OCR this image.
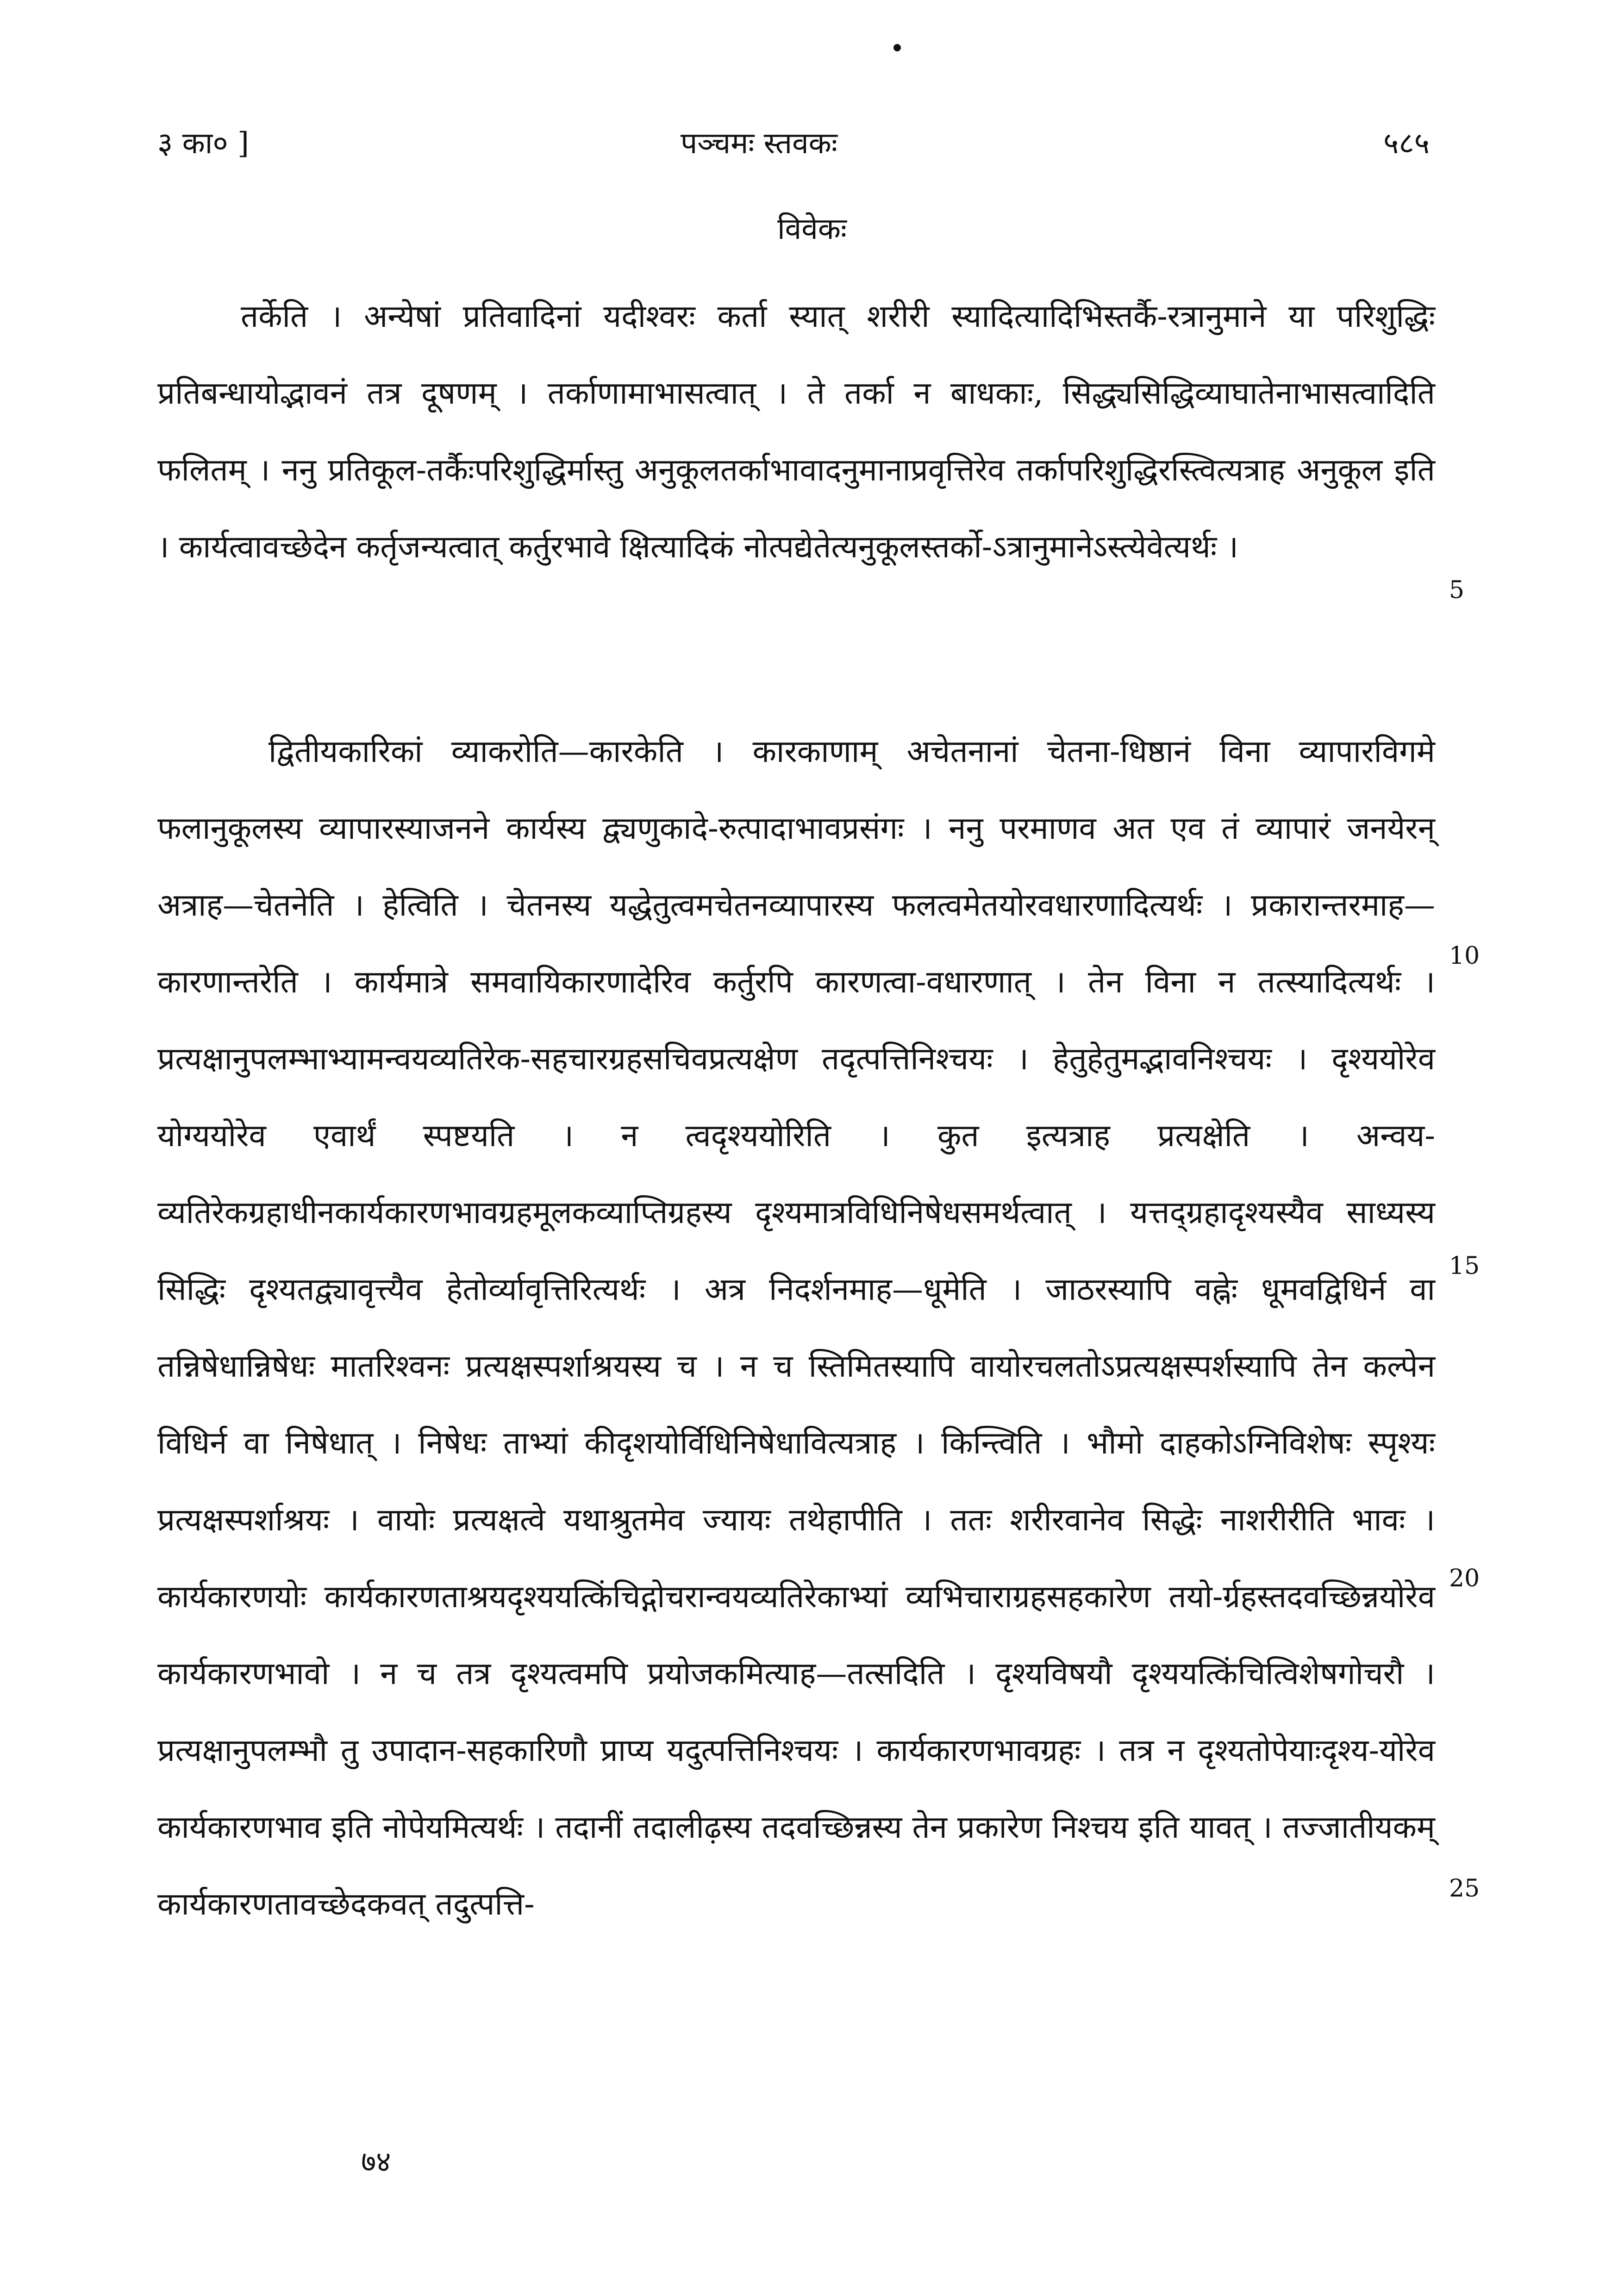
३ का० ]	पञ्चमः स्तवकः	५८५
विवेकः

तर्केति । अन्येषां प्रतिवादिनां यदीश्वरः कर्ता स्यात् शरीरी स्यादित्यादिभिस्तर्कै-रत्रानुमाने या परिशुद्धिः प्रतिबन्धायोद्भावनं तत्र दूषणम् । तर्काणामाभासत्वात् । ते तर्का न बाधकाः, सिद्ध्यसिद्धिव्याघातेनाभासत्वादिति फलितम् । ननु प्रतिकूल-तर्कैःपरिशुद्धिर्मास्तु अनुकूलतर्काभावादनुमानाप्रवृत्तिरेव तर्कापरिशुद्धिरस्त्वित्यत्राह अनुकूल इति । कार्यत्वावच्छेदेन कर्तृजन्यत्वात् कर्तुरभावे क्षित्यादिकं नोत्पद्येतेत्यनुकूलस्तर्को-ऽत्रानुमानेऽस्त्येवेत्यर्थः ।

द्वितीयकारिकां व्याकरोति—कारकेति । कारकाणाम् अचेतनानां चेतना-धिष्ठानं विना व्यापारविगमे फलानुकूलस्य व्यापारस्याजनने कार्यस्य द्व्यणुकादे-रुत्पादाभावप्रसंगः । ननु परमाणव अत एव तं व्यापारं जनयेरन् अत्राह—चेतनेति । हेत्विति । चेतनस्य यद्धेतुत्वमचेतनव्यापारस्य फलत्वमेतयोरवधारणादित्यर्थः । प्रकारान्तरमाह—कारणान्तरेति । कार्यमात्रे समवायिकारणादेरिव कर्तुरपि कारणत्वा-वधारणात् । तेन विना न तत्स्यादित्यर्थः । प्रत्यक्षानुपलम्भाभ्यामन्वयव्यतिरेक-सहचारग्रहसचिवप्रत्यक्षेण तदृत्पत्तिनिश्चयः । हेतुहेतुमद्भावनिश्चयः । दृश्ययोरेव योग्ययोरेव एवार्थं स्पष्टयति । न त्वदृश्ययोरिति । कुत इत्यत्राह प्रत्यक्षेति । अन्वय-व्यतिरेकग्रहाधीनकार्यकारणभावग्रहमूलकव्याप्तिग्रहस्य दृश्यमात्रविधिनिषेधसमर्थत्वात् । यत्तद्ग्रहादृश्यस्यैव साध्यस्य सिद्धिः दृश्यतद्व्यावृत्त्यैव हेतोर्व्यावृत्तिरित्यर्थः । अत्र निदर्शनमाह—धूमेति । जाठरस्यापि वह्नेः धूमवद्विधिर्न वा तन्निषेधान्निषेधः मातरिश्वनः प्रत्यक्षस्पर्शाश्रयस्य च । न च स्तिमितस्यापि वायोरचलतोऽप्रत्यक्षस्पर्शस्यापि तेन कल्पेन विधिर्न वा निषेधात् । निषेधः ताभ्यां कीदृशयोर्विधिनिषेधावित्यत्राह । किन्त्विति । भौमो दाहकोऽग्निविशेषः स्पृश्यः प्रत्यक्षस्पर्शाश्रयः । वायोः प्रत्यक्षत्वे यथाश्रुतमेव ज्यायः तथेहापीति । ततः शरीरवानेव सिद्धेः नाशरीरीति भावः । कार्यकारणयोः कार्यकारणताश्रयदृश्ययत्किंचिद्गोचरान्वयव्यतिरेकाभ्यां व्यभिचाराग्रहसहकारेण तयो-र्ग्रहस्तदवच्छिन्नयोरेव कार्यकारणभावो । न च तत्र दृश्यत्वमपि प्रयोजकमित्याह—तत्सदिति । दृश्यविषयौ दृश्ययत्किंचित्विशेषगोचरौ । प्रत्यक्षानुपलम्भौ तु उपादान-सहकारिणौ प्राप्य यदुत्पत्तिनिश्चयः । कार्यकारणभावग्रहः । तत्र न दृश्यतोपेयाःदृश्य-योरेव कार्यकारणभाव इति नोपेयमित्यर्थः । तदानीं तदालीढ़स्य तदवच्छिन्नस्य तेन प्रकारेण निश्चय इति यावत् । तज्जातीयकम् कार्यकारणतावच्छेदकवत् तदुत्पत्ति-

5
10
15
20
25
७४
